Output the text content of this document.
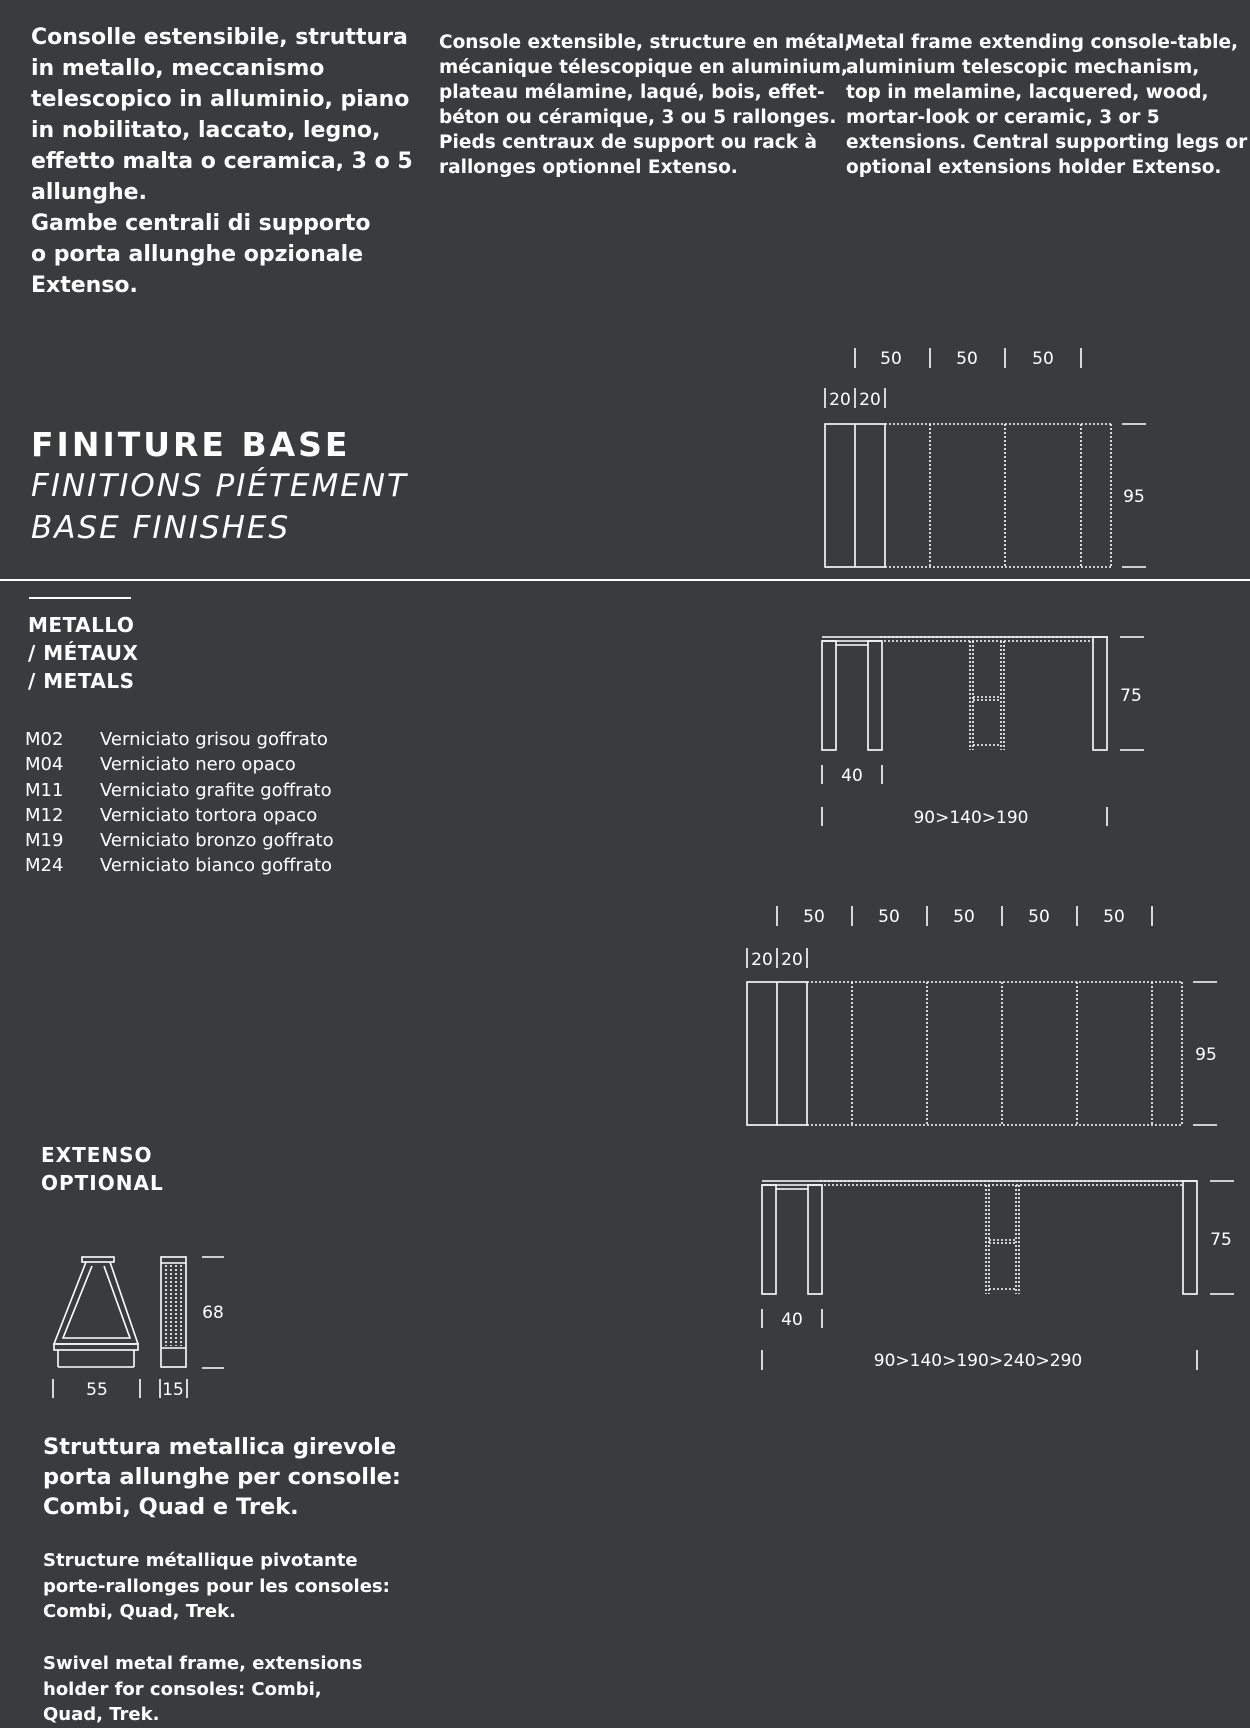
Consolle estensibile, struttura
in metallo, meccanismo
telescopico in alluminio, piano
in nobilitato, laccato, legno,
effetto malta o ceramica, 3 o 5
allunghe.
Gambe centrali di supporto
o porta allunghe opzionale
Extenso.
Console extensible, structure en métal,
mécanique télescopique en aluminium,
plateau mélamine, laqué, bois, effet-
béton ou céramique, 3 ou 5 rallonges.
Pieds centraux de support ou rack à
rallonges optionnel Extenso.
Metal frame extending console-table,
aluminium telescopic mechanism,
top in melamine, lacquered, wood,
mortar-look or ceramic, 3 or 5
extensions. Central supporting legs or
optional extensions holder Extenso.
FINITURE BASE
FINITIONS PIÉTEMENT
BASE FINISHES
METALLO
/ MÉTAUX
/ METALS
M02 Verniciato grisou goffrato
M04 Verniciato nero opaco
M11 Verniciato grafite goffrato
M12 Verniciato tortora opaco
M19 Verniciato bronzo goffrato
M24 Verniciato bianco goffrato
50	50	50
20 20
95
75
40
90>140>190
50	50	50	50	50
20 20
95
75
40
90>140>190>240>290
68
55	15
EXTENSO
OPTIONAL
Struttura metallica girevole
porta allunghe per consolle:
Combi, Quad e Trek.
Structure métallique pivotante
porte-rallonges pour les consoles:
Combi, Quad, Trek.
Swivel metal frame, extensions
holder for consoles: Combi,
Quad, Trek.
